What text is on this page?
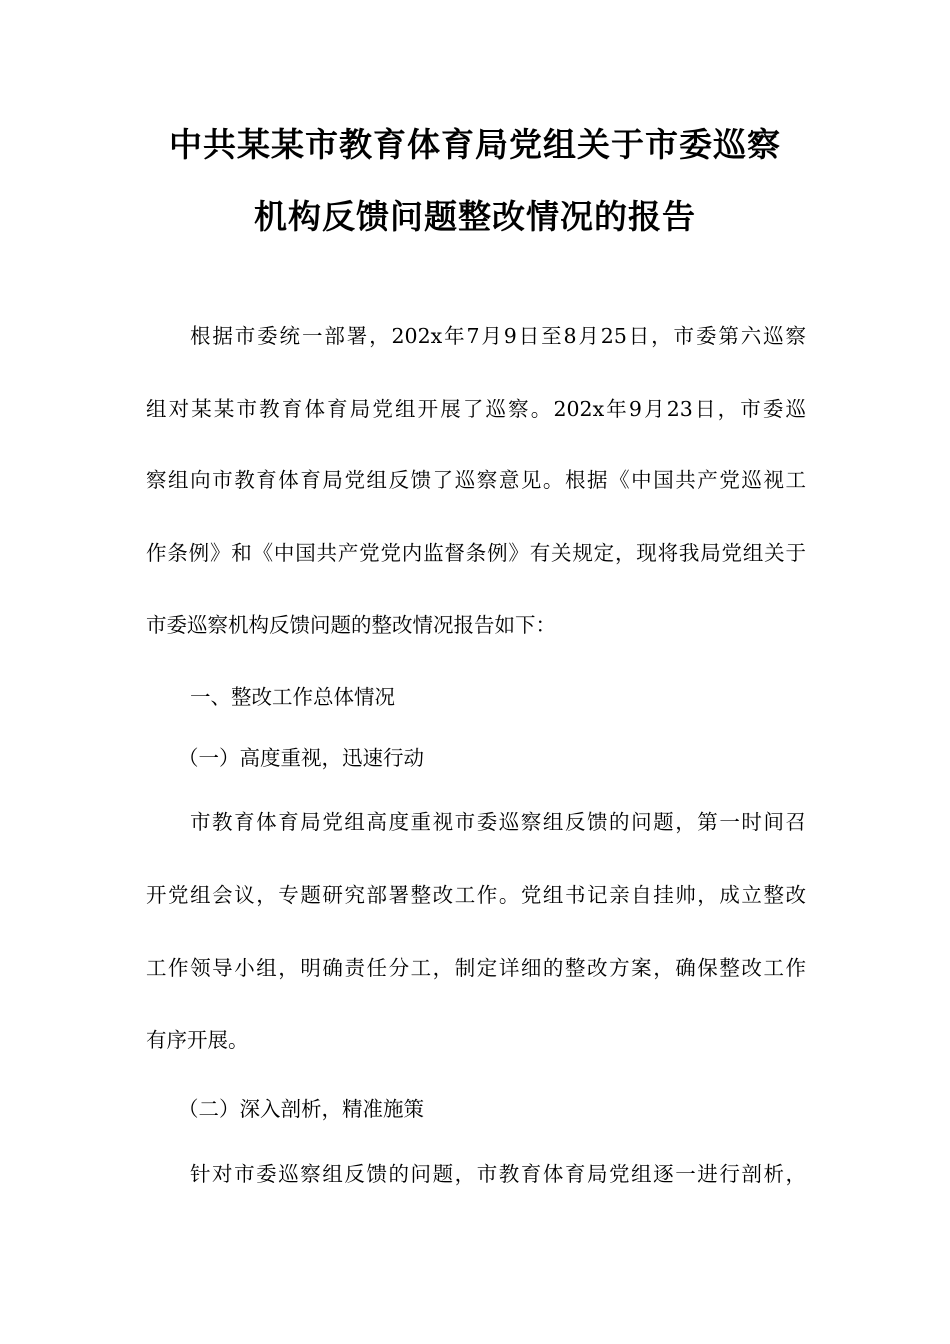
中共某某市教育体育局党组关于市委巡察
机构反馈问题整改情况的报告
根据市委统一部署，202x年7月9日至8月25日，市委第六巡察
组对某某市教育体育局党组开展了巡察。202x年9月23日，市委巡
察组向市教育体育局党组反馈了巡察意见。根据《中国共产党巡视工
作条例》和《中国共产党党内监督条例》有关规定，现将我局党组关于
市委巡察机构反馈问题的整改情况报告如下：
一、整改工作总体情况
（一）高度重视，迅速行动
市教育体育局党组高度重视市委巡察组反馈的问题，第一时间召
开党组会议，专题研究部署整改工作。党组书记亲自挂帅，成立整改
工作领导小组，明确责任分工，制定详细的整改方案，确保整改工作
有序开展。
（二）深入剖析，精准施策
针对市委巡察组反馈的问题，市教育体育局党组逐一进行剖析，
